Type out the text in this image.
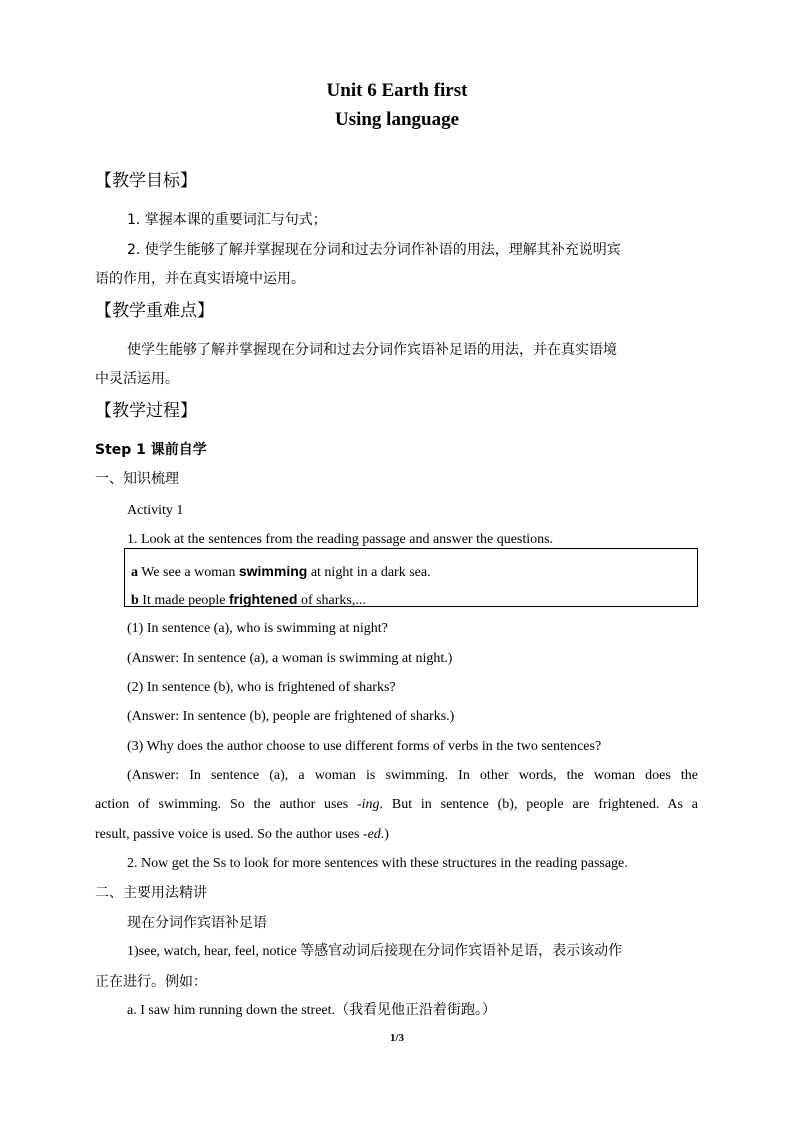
Unit 6 Earth first
Using language
【教学目标】
1. 掌握本课的重要词汇与句式；
2. 使学生能够了解并掌握现在分词和过去分词作补语的用法，理解其补充说明宾
语的作用，并在真实语境中运用。
【教学重难点】
使学生能够了解并掌握现在分词和过去分词作宾语补足语的用法，并在真实语境
中灵活运用。
【教学过程】
Step 1 课前自学
一、知识梳理
Activity 1
1. Look at the sentences from the reading passage and answer the questions.
a We see a woman swimming at night in a dark sea.
b It made people frightened of sharks,...
(1) In sentence (a), who is swimming at night?
(Answer: In sentence (a), a woman is swimming at night.)
(2) In sentence (b), who is frightened of sharks?
(Answer: In sentence (b), people are frightened of sharks.)
(3) Why does the author choose to use different forms of verbs in the two sentences?
(Answer: In sentence (a), a woman is swimming. In other words, the woman does the
action of swimming. So the author uses -ing. But in sentence (b), people are frightened. As a
result, passive voice is used. So the author uses -ed.)
2. Now get the Ss to look for more sentences with these structures in the reading passage.
二、主要用法精讲
现在分词作宾语补足语
1)see, watch, hear, feel, notice 等感官动词后接现在分词作宾语补足语，表示该动作
正在进行。例如：
a. I saw him running down the street.（我看见他正沿着街跑。）
1/3
